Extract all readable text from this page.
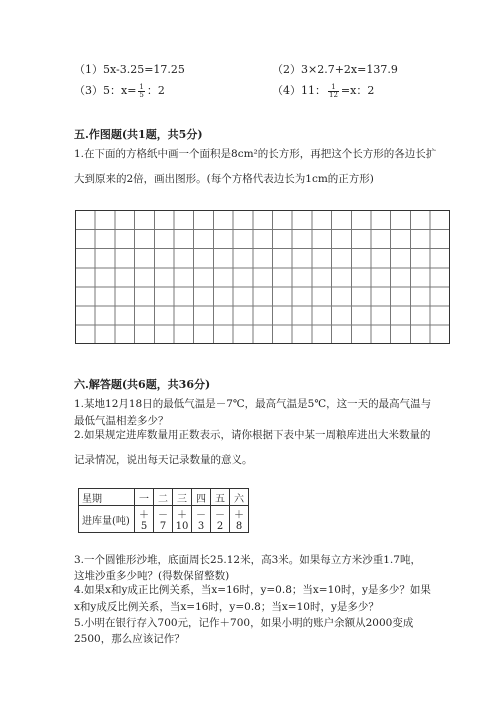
（1）5x-3.25=17.25	（2）3×2.7+2x=137.9
（3）5：$x= \frac{1}{5}$ ：2	（4）11： $\frac{1}{12} =x$：2
五.作图题(共1题，共5分)
1.在下面的方格纸中画一个面积是8cm²的长方形，再把这个长方形的各边长扩
大到原来的2倍，画出图形。(每个方格代表边长为1cm的正方形)
六.解答题(共6题，共36分)
1.某地12月18日的最低气温是－7℃，最高气温是5℃，这一天的最高气温与
最低气温相差多少？
2.如果规定进库数量用正数表示，请你根据下表中某一周粮库进出大米数量的
记录情况，说出每天记录数量的意义。
星期	一	二	三	四	五	六
进库量(吨)	＋5	－7	＋10	－3	－2	＋8
3.一个圆锥形沙堆，底面周长25.12米，高3米。如果每立方米沙重1.7吨，
这堆沙重多少吨？(得数保留整数)
4.如果x和y成正比例关系，当x=16时，y=0.8；当x=10时，y是多少？如果
x和y成反比例关系，当x=16时，y=0.8；当x=10时，y是多少？
5.小明在银行存入700元，记作＋700，如果小明的账户余额从2000变成
2500，那么应该记作？
